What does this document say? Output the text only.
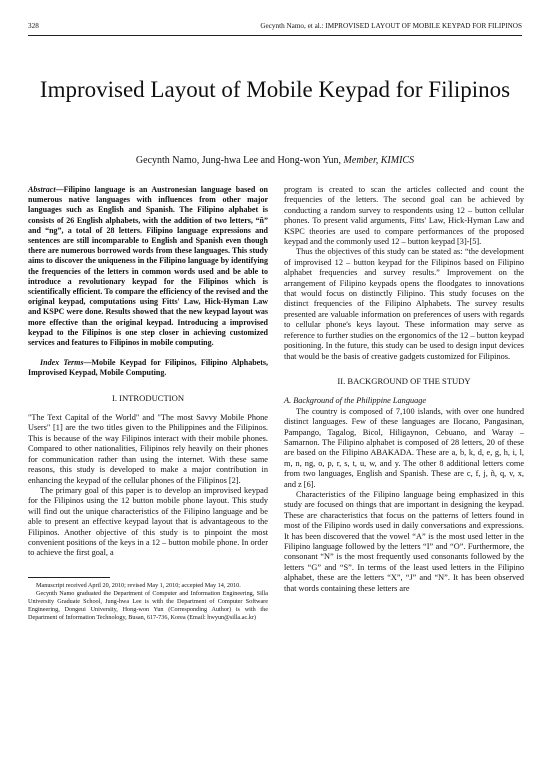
328	Gecynth Namo, et al.: IMPROVISED LAYOUT OF MOBILE KEYPAD FOR FILIPINOS
Improvised Layout of Mobile Keypad for Filipinos
Gecynth Namo, Jung-hwa Lee and Hong-won Yun, Member, KIMICS

Abstract—Filipino language is an Austronesian language based on numerous native languages with influences from other major languages such as English and Spanish. The Filipino alphabet is consists of 26 English alphabets, with the addition of two letters, “ñ” and “ng”, a total of 28 letters. Filipino language expressions and sentences are still incomparable to English and Spanish even though there are numerous borrowed words from these languages. This study aims to discover the uniqueness in the Filipino language by identifying the frequencies of the letters in common words used and be able to introduce a revolutionary keypad for the Filipinos which is scientifically efficient. To compare the efficiency of the revised and the original keypad, computations using Fitts' Law, Hick-Hyman Law and KSPC were done. Results showed that the new keypad layout was more effective than the original keypad. Introducing a improvised keypad to the Filipinos is one step closer in achieving customized services and features to Filipinos in mobile computing.

Index Terms—Mobile Keypad for Filipinos, Filipino Alphabets, Improvised Keypad, Mobile Computing.

I. INTRODUCTION

"The Text Capital of the World" and "The most Savvy Mobile Phone Users" [1] are the two titles given to the Philippines and the Filipinos. This is because of the way Filipinos interact with their mobile phones. Compared to other nationalities, Filipinos rely heavily on their phones for communication rather than using the internet. With these same reasons, this study is developed to make a major contribution in enhancing the keypad of the cellular phones of the Filipinos [2].

The primary goal of this paper is to develop an improvised keypad for the Filipinos using the 12 button mobile phone layout. This study will find out the unique characteristics of the Filipino language and be able to present an effective keypad layout that is advantageous to the Filipinos. Another objective of this study is to pinpoint the most convenient positions of the keys in a 12 – button mobile phone. In order to achieve the first goal, a

Manuscript received April 20, 2010; revised May 1, 2010; accepted May 14, 2010.

Gecynth Namo graduated the Department of Computer and Information Engineering, Silla University Graduate School, Jung-hwa Lee is with the Department of Computer Software Engineering, Dongeui University, Hong-won Yun (Corresponding Author) is with the Department of Information Technology, Busan, 617-736, Korea (Email: hwyun@silla.ac.kr)

program is created to scan the articles collected and count the frequencies of the letters. The second goal can be achieved by conducting a random survey to respondents using 12 – button cellular phones. To present valid arguments, Fitts' Law, Hick-Hyman Law and KSPC theories are used to compare performances of the proposed keypad and the commonly used 12 – button keypad [3]-[5].

Thus the objectives of this study can be stated as: “the development of improvised 12 – button keypad for the Filipinos based on Filipino alphabet frequencies and survey results.” Improvement on the arrangement of Filipino keypads opens the floodgates to innovations that would focus on distinctly Filipino. This study focuses on the distinct frequencies of the Filipino Alphabets. The survey results presented are valuable information on preferences of users with regards to cellular phone's keys layout. These information may serve as reference to further studies on the ergonomics of the 12 – button keypad positioning. In the future, this study can be used to design input devices that would be the basis of creative gadgets customized for Filipinos.

II. BACKGROUND OF THE STUDY

A. Background of the Philippine Language

The country is composed of 7,100 islands, with over one hundred distinct languages. Few of these languages are Ilocano, Pangasinan, Pampango, Tagalog, Bicol, Hiligaynon, Cebuano, and Waray – Samarnon. The Filipino alphabet is composed of 28 letters, 20 of these are based on the Filipino ABAKADA. These are a, b, k, d, e, g, h, i, l, m, n, ng, o, p, r, s, t, u, w, and y. The other 8 additional letters come from two languages, English and Spanish. These are c, f, j, ñ, q, v, x, and z [6].

Characteristics of the Filipino language being emphasized in this study are focused on things that are important in designing the keypad. These are characteristics that focus on the patterns of letters found in most of the Filipino words used in daily conversations and expressions. It has been discovered that the vowel “A” is the most used letter in the Filipino language followed by the letters “I” and “O”. Furthermore, the consonant “N” is the most frequently used consonants followed by the letters “G” and “S”. In terms of the least used letters in the Filipino alphabet, these are the letters “X”, “J” and “N”. It has been observed that words containing these letters are
